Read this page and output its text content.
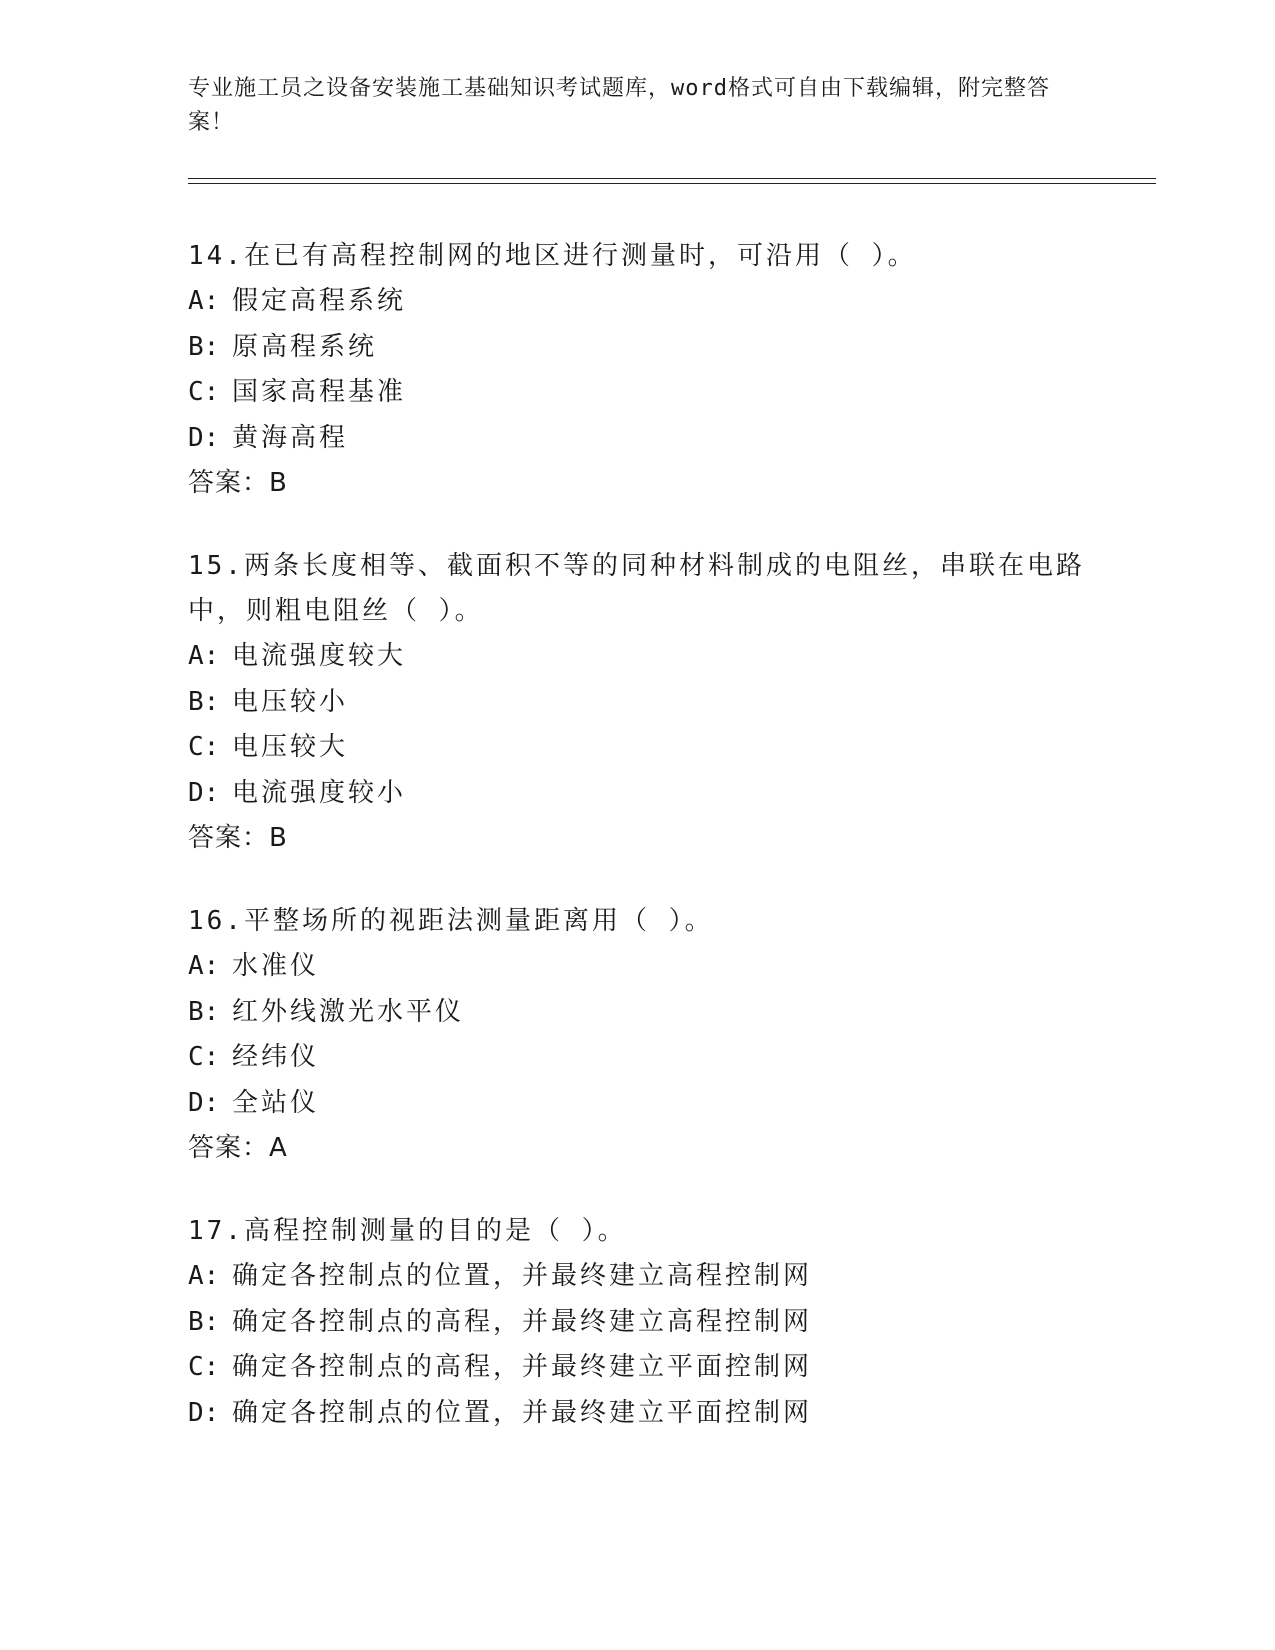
专业施工员之设备安装施工基础知识考试题库，word格式可自由下载编辑，附完整答案！

14.在已有高程控制网的地区进行测量时，可沿用（ ）。

A: 假定高程系统
B: 原高程系统
C: 国家高程基准
D: 黄海高程

答案：B

15.两条长度相等、截面积不等的同种材料制成的电阻丝，串联在电路中，则粗电阻丝（ ）。

A: 电流强度较大
B: 电压较小
C: 电压较大
D: 电流强度较小

答案：B

16.平整场所的视距法测量距离用（ ）。

A: 水准仪
B: 红外线激光水平仪
C: 经纬仪
D: 全站仪

答案：A

17.高程控制测量的目的是（ ）。

A: 确定各控制点的位置，并最终建立高程控制网
B: 确定各控制点的高程，并最终建立高程控制网
C: 确定各控制点的高程，并最终建立平面控制网
D: 确定各控制点的位置，并最终建立平面控制网
